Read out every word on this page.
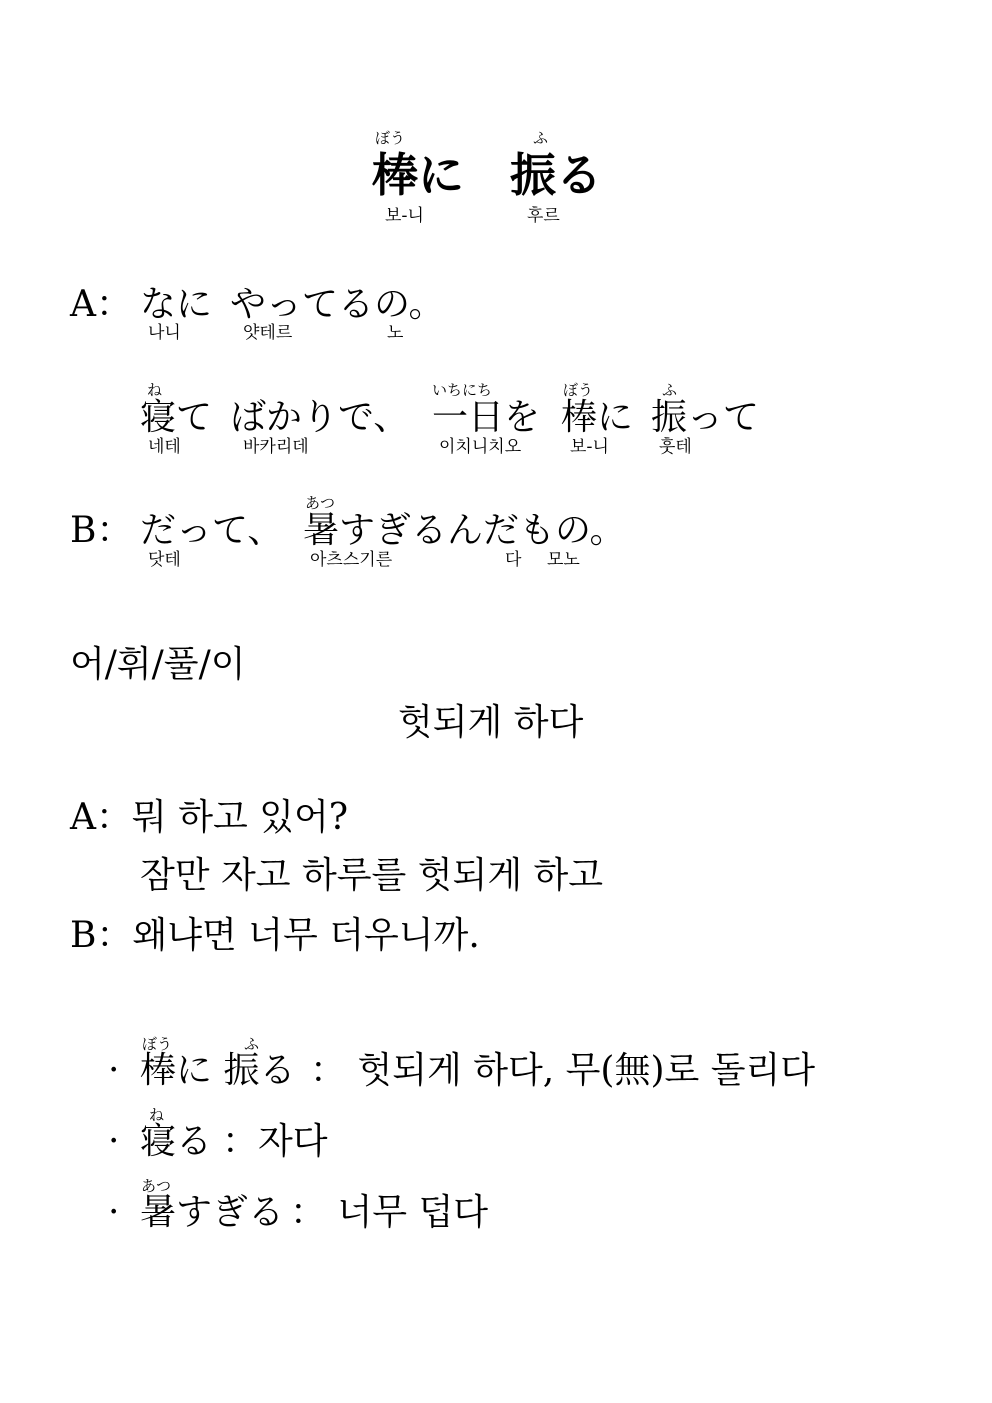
ぼう	ふ
棒に 振る
보-니	후르
A： なに やってるの。
나니	얏테르	노
ね	いちにち	ぼう	ふ
寝て ばかりで、 一日を 棒に 振って
네테	바카리데	이치니치오	보-니	훗테
あつ
B： だって、 暑すぎるんだもの。
닷테	아츠스기른	다 모노
어/휘/풀/이
헛되게 하다
A：뭐 하고 있어?
잠만 자고 하루를 헛되게 하고
B：왜냐면 너무 더우니까.
ぼう	ふ
· 棒に 振る ： 헛되게 하다, 무(無)로 돌리다
ね
· 寝る ：자다
あつ
· 暑すぎる ： 너무 덥다
